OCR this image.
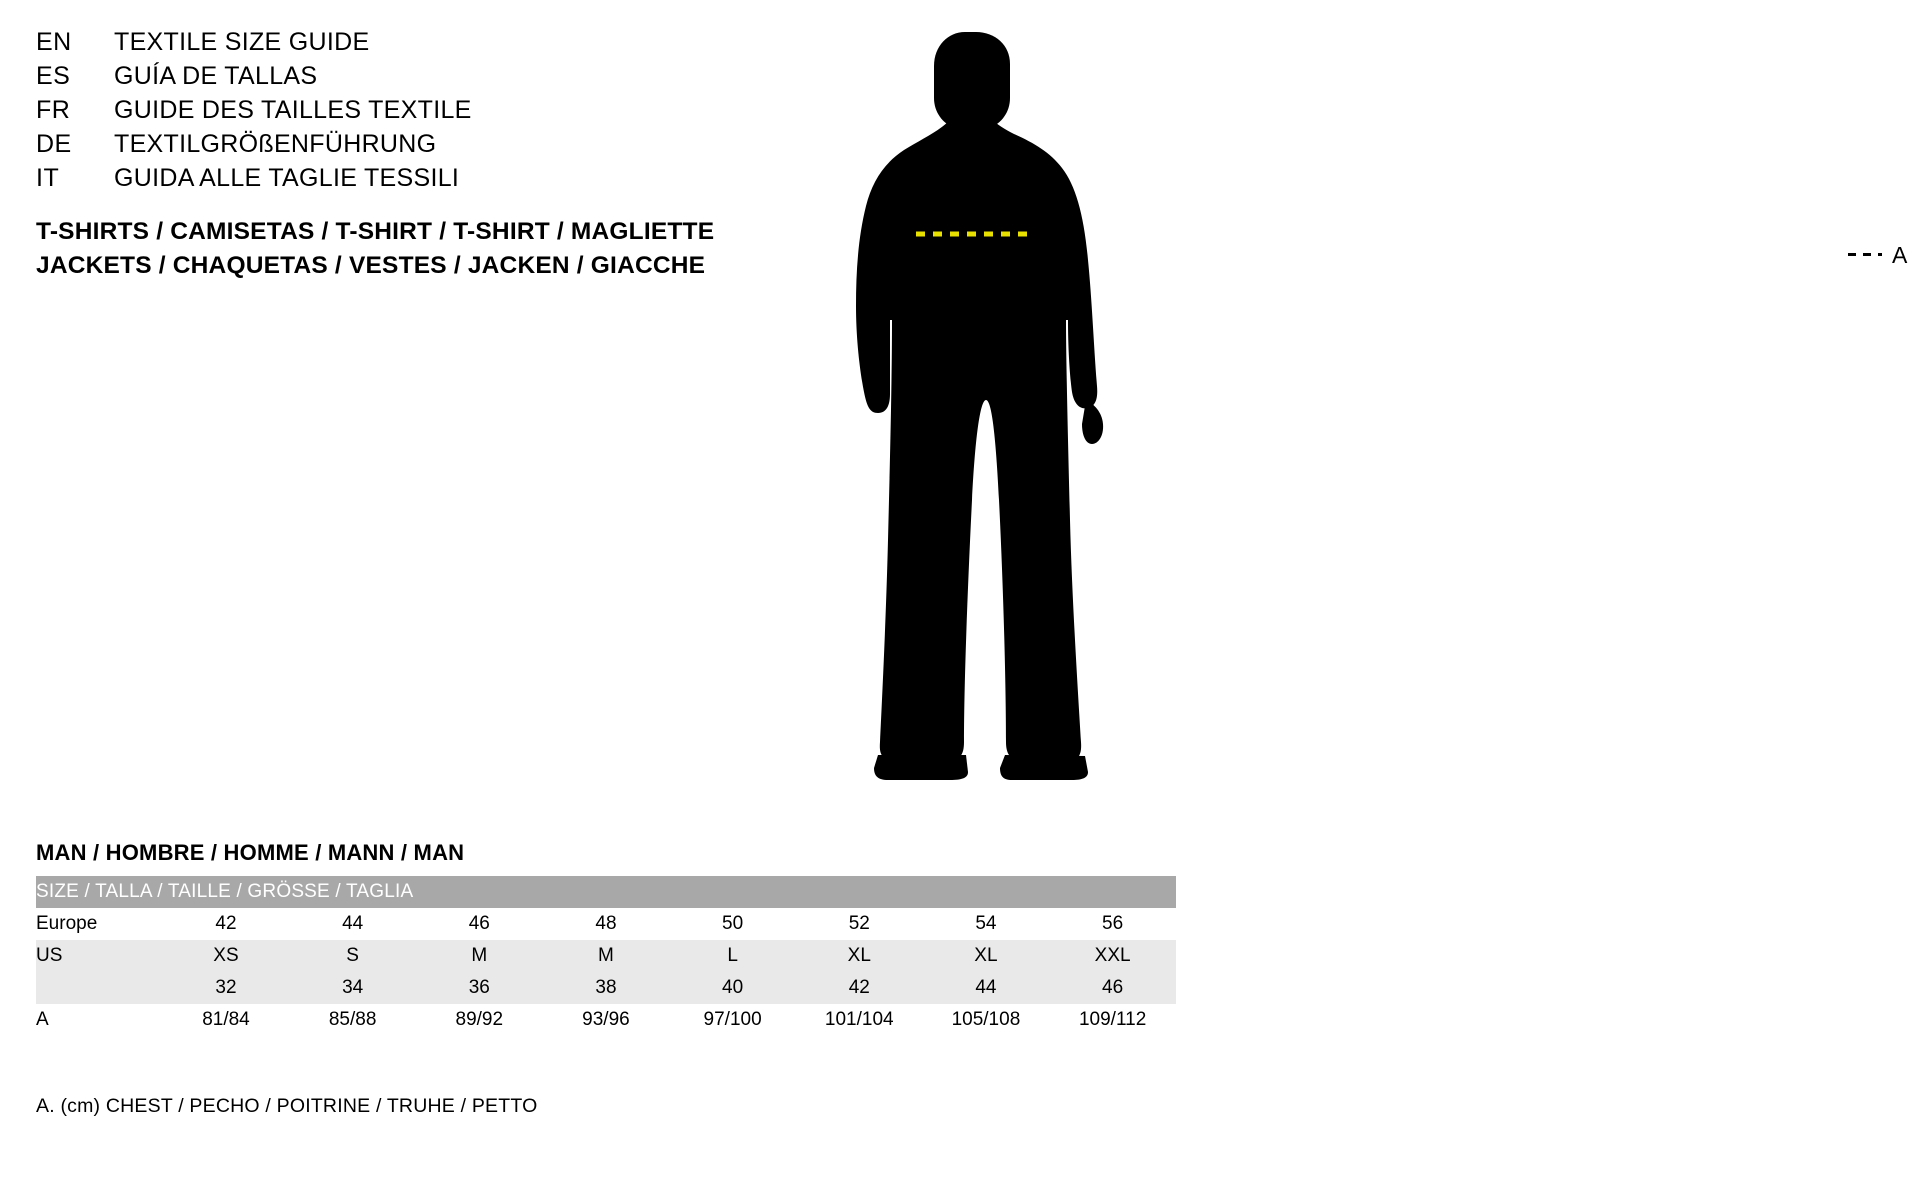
EN	TEXTILE SIZE GUIDE
ES	GUÍA DE TALLAS
FR	GUIDE DES TAILLES TEXTILE
DE	TEXTILGRÖßENFÜHRUNG
IT	GUIDA ALLE TAGLIE TESSILI
T-SHIRTS / CAMISETAS / T-SHIRT / T-SHIRT / MAGLIETTE
JACKETS / CHAQUETAS / VESTES / JACKEN / GIACCHE	A
MAN / HOMBRE / HOMME / MANN / MAN
SIZE / TALLA / TAILLE / GRÖSSE / TAGLIA								
Europe	42	44	46	48	50	52	54	56
US	XS	S	M	M	L	XL	XL	XXL
	32	34	36	38	40	42	44	46
A	81/84	85/88	89/92	93/96	97/100	101/104	105/108	109/112
A. (cm) CHEST / PECHO / POITRINE / TRUHE / PETTO
